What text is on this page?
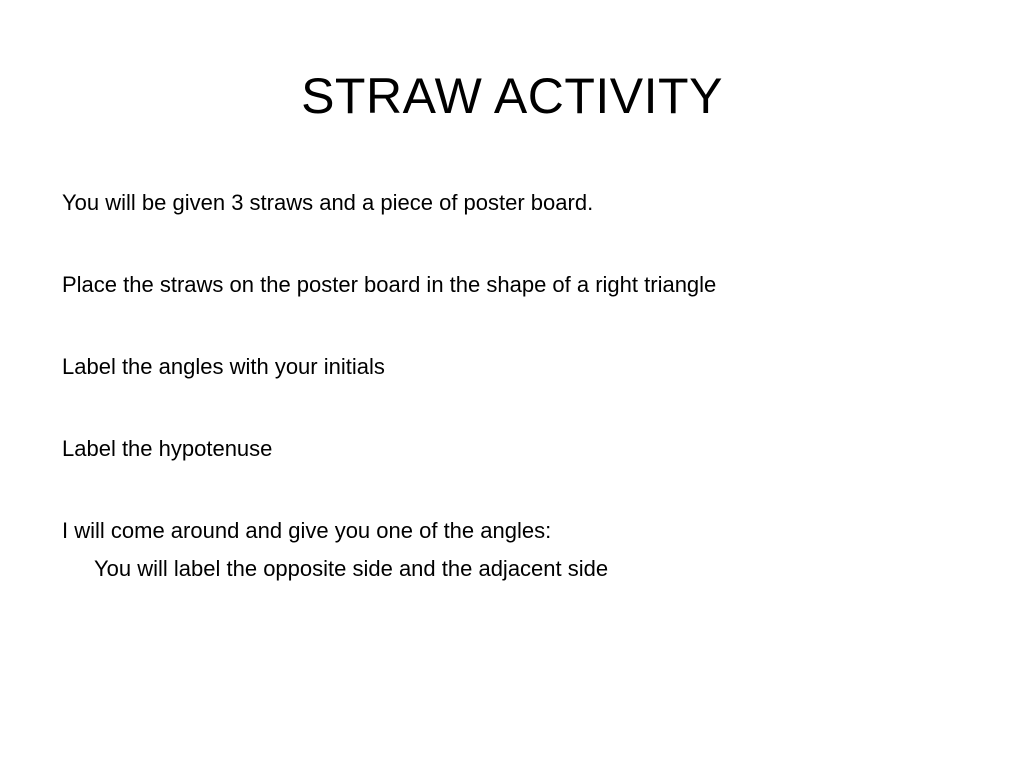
STRAW ACTIVITY
You will be given 3 straws and a piece of poster board.
Place the straws on the poster board in the shape of a right triangle
Label the angles with your initials
Label the hypotenuse
I will come around and give you one of the angles:
You will label the opposite side and the adjacent side
